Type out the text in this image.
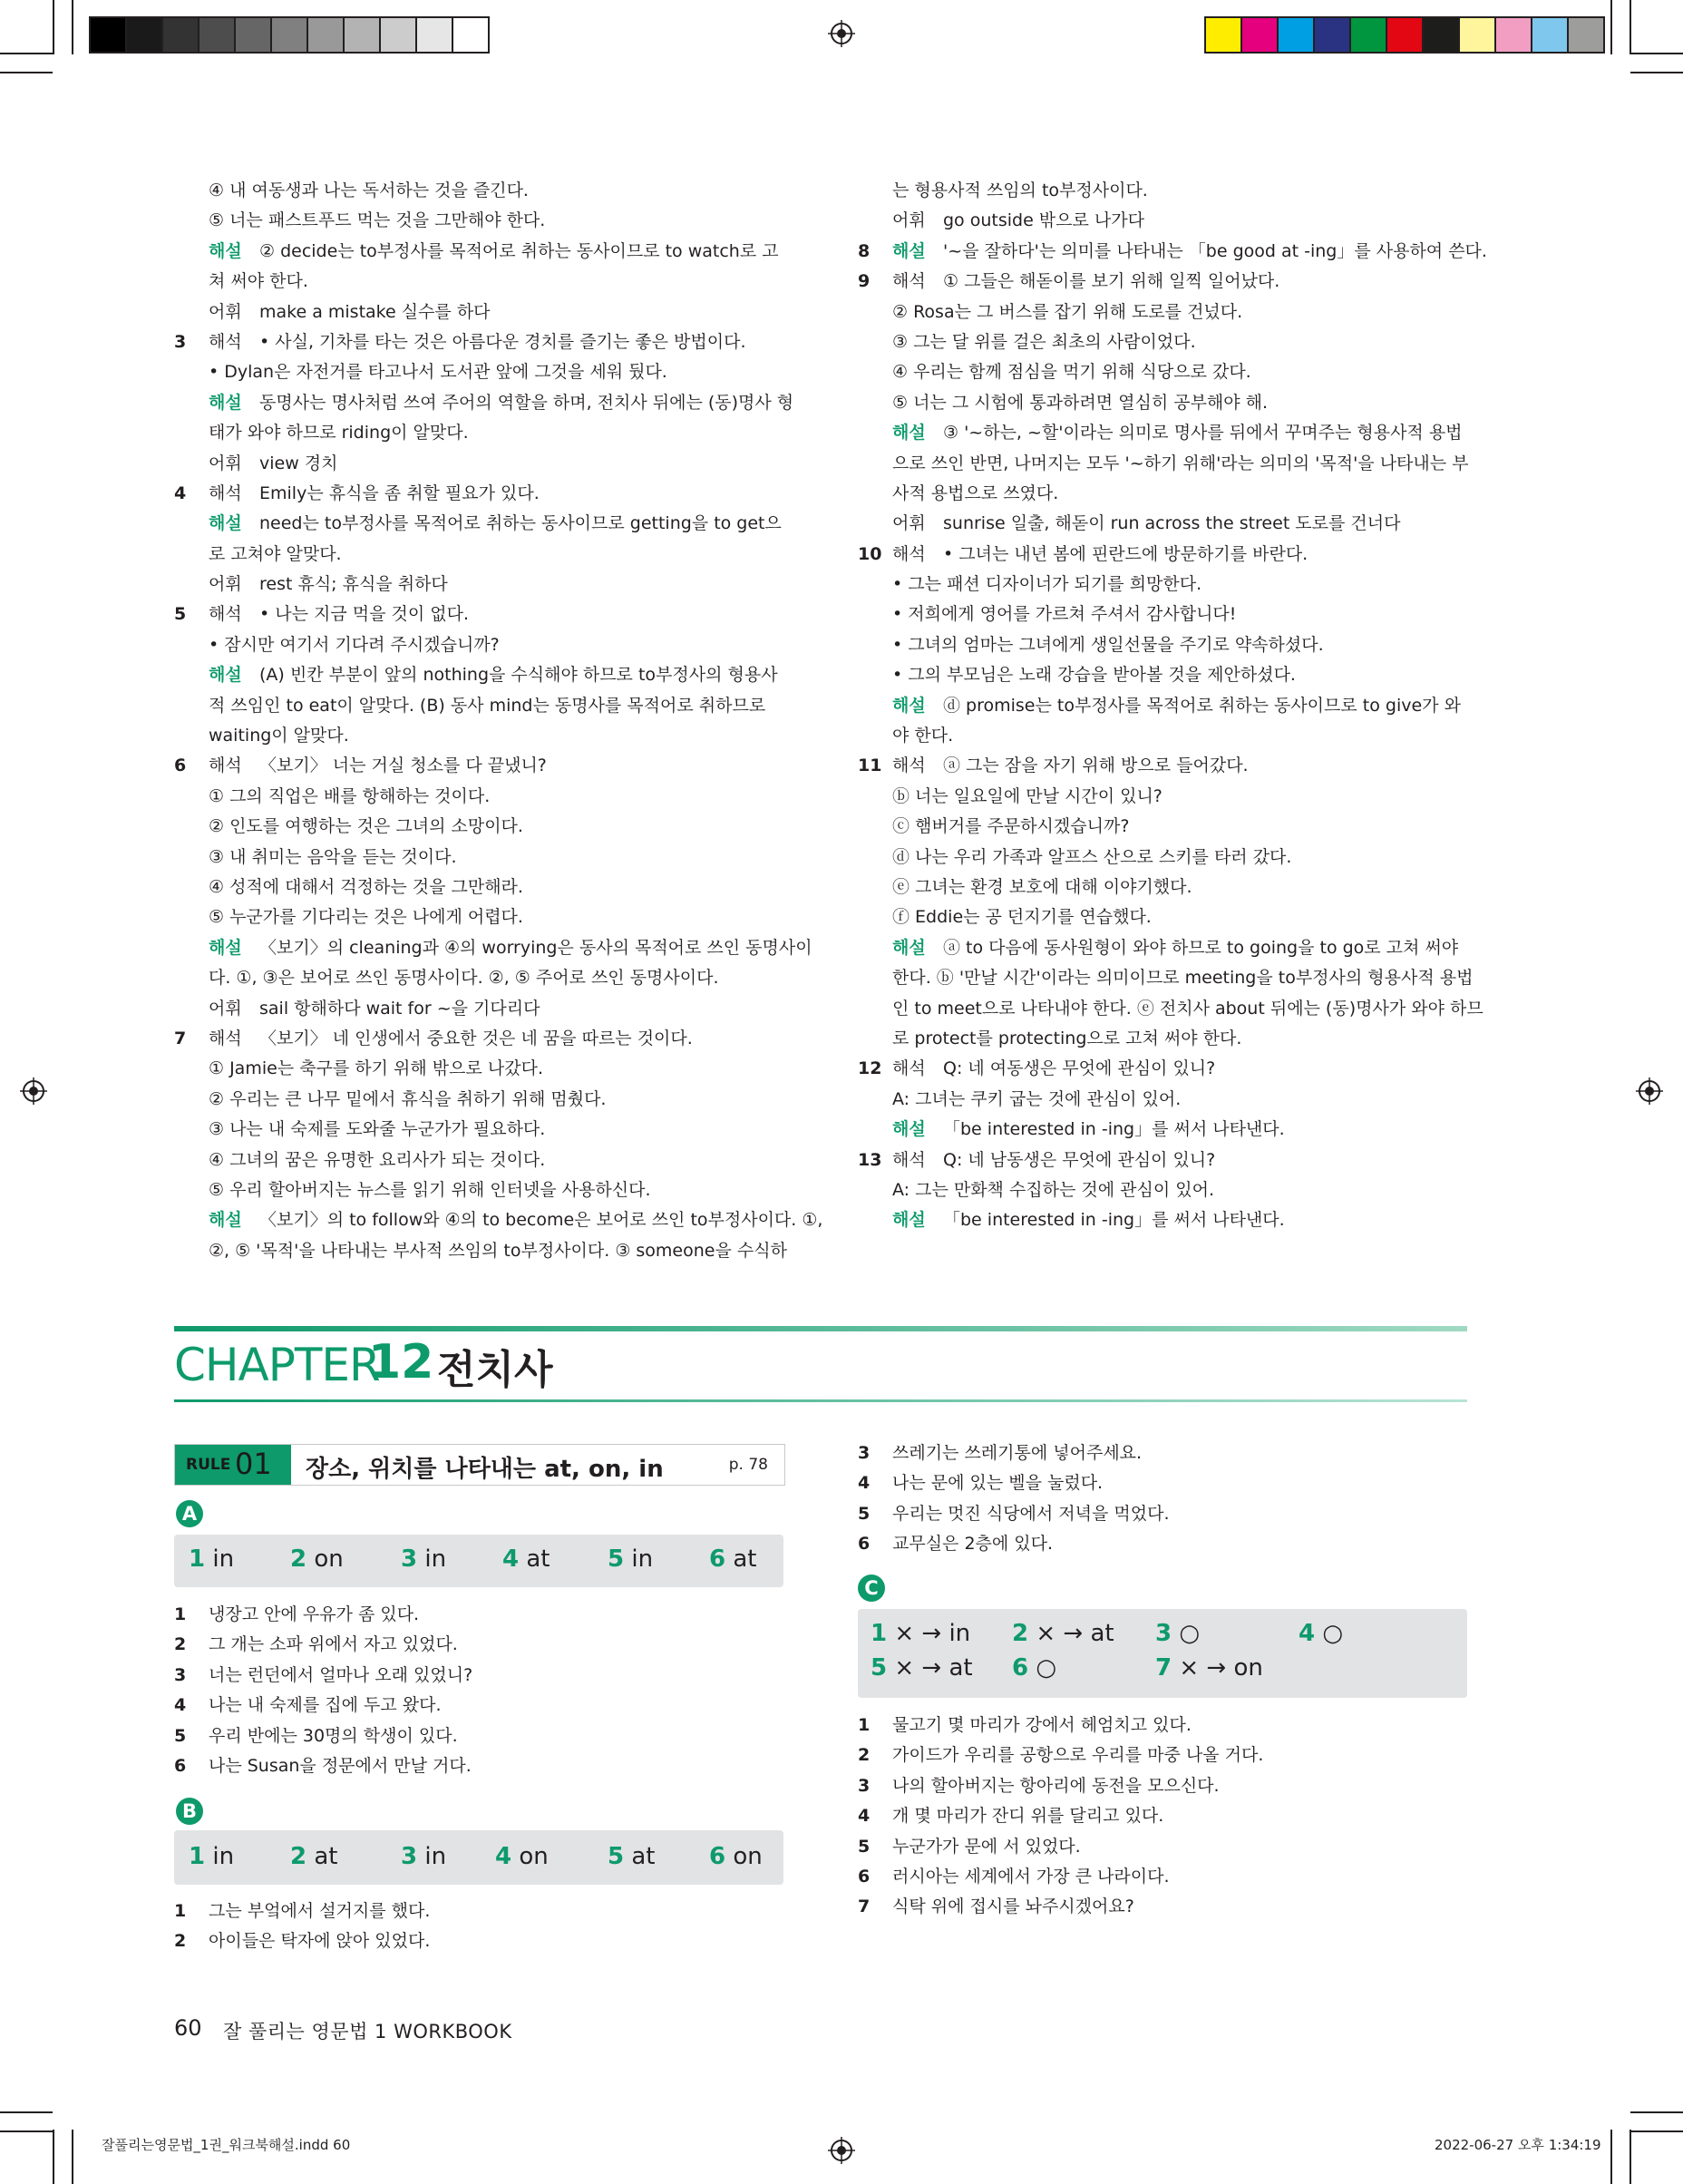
④ 내 여동생과 나는 독서하는 것을 즐긴다.
⑤ 너는 패스트푸드 먹는 것을 그만해야 한다.
해설 ② decide는 to부정사를 목적어로 취하는 동사이므로 to watch로 고
쳐 써야 한다.
어휘 make a mistake 실수를 하다
3 해석 • 사실, 기차를 타는 것은 아름다운 경치를 즐기는 좋은 방법이다.
• Dylan은 자전거를 타고나서 도서관 앞에 그것을 세워 뒀다.
해설 동명사는 명사처럼 쓰여 주어의 역할을 하며, 전치사 뒤에는 (동)명사 형
태가 와야 하므로 riding이 알맞다.
어휘 view 경치
4 해석 Emily는 휴식을 좀 취할 필요가 있다.
해설 need는 to부정사를 목적어로 취하는 동사이므로 getting을 to get으
로 고쳐야 알맞다.
어휘 rest 휴식; 휴식을 취하다
5 해석 • 나는 지금 먹을 것이 없다.
• 잠시만 여기서 기다려 주시겠습니까?
해설 (A) 빈칸 부분이 앞의 nothing을 수식해야 하므로 to부정사의 형용사
적 쓰임인 to eat이 알맞다. (B) 동사 mind는 동명사를 목적어로 취하므로
waiting이 알맞다.
6 해석 〈보기〉 너는 거실 청소를 다 끝냈니?
① 그의 직업은 배를 항해하는 것이다.
② 인도를 여행하는 것은 그녀의 소망이다.
③ 내 취미는 음악을 듣는 것이다.
④ 성적에 대해서 걱정하는 것을 그만해라.
⑤ 누군가를 기다리는 것은 나에게 어렵다.
해설 〈보기〉의 cleaning과 ④의 worrying은 동사의 목적어로 쓰인 동명사이
다. ①, ③은 보어로 쓰인 동명사이다. ②, ⑤ 주어로 쓰인 동명사이다.
어휘 sail 항해하다 wait for ~을 기다리다
7 해석 〈보기〉 네 인생에서 중요한 것은 네 꿈을 따르는 것이다.
① Jamie는 축구를 하기 위해 밖으로 나갔다.
② 우리는 큰 나무 밑에서 휴식을 취하기 위해 멈췄다.
③ 나는 내 숙제를 도와줄 누군가가 필요하다.
④ 그녀의 꿈은 유명한 요리사가 되는 것이다.
⑤ 우리 할아버지는 뉴스를 읽기 위해 인터넷을 사용하신다.
해설 〈보기〉의 to follow와 ④의 to become은 보어로 쓰인 to부정사이다. ①,
②, ⑤ '목적'을 나타내는 부사적 쓰임의 to부정사이다. ③ someone을 수식하
는 형용사적 쓰임의 to부정사이다.
어휘 go outside 밖으로 나가다
8 해설 '~을 잘하다'는 의미를 나타내는 「be good at -ing」를 사용하여 쓴다.
9 해석 ① 그들은 해돋이를 보기 위해 일찍 일어났다.
② Rosa는 그 버스를 잡기 위해 도로를 건넜다.
③ 그는 달 위를 걸은 최초의 사람이었다.
④ 우리는 함께 점심을 먹기 위해 식당으로 갔다.
⑤ 너는 그 시험에 통과하려면 열심히 공부해야 해.
해설 ③ '~하는, ~할'이라는 의미로 명사를 뒤에서 꾸며주는 형용사적 용법
으로 쓰인 반면, 나머지는 모두 '~하기 위해'라는 의미의 '목적'을 나타내는 부
사적 용법으로 쓰였다.
어휘 sunrise 일출, 해돋이 run across the street 도로를 건너다
10 해석 • 그녀는 내년 봄에 핀란드에 방문하기를 바란다.
• 그는 패션 디자이너가 되기를 희망한다.
• 저희에게 영어를 가르쳐 주셔서 감사합니다!
• 그녀의 엄마는 그녀에게 생일선물을 주기로 약속하셨다.
• 그의 부모님은 노래 강습을 받아볼 것을 제안하셨다.
해설 ⓓ promise는 to부정사를 목적어로 취하는 동사이므로 to give가 와
야 한다.
11 해석 ⓐ 그는 잠을 자기 위해 방으로 들어갔다.
ⓑ 너는 일요일에 만날 시간이 있니?
ⓒ 햄버거를 주문하시겠습니까?
ⓓ 나는 우리 가족과 알프스 산으로 스키를 타러 갔다.
ⓔ 그녀는 환경 보호에 대해 이야기했다.
ⓕ Eddie는 공 던지기를 연습했다.
해설 ⓐ to 다음에 동사원형이 와야 하므로 to going을 to go로 고쳐 써야
한다. ⓑ '만날 시간'이라는 의미이므로 meeting을 to부정사의 형용사적 용법
인 to meet으로 나타내야 한다. ⓔ 전치사 about 뒤에는 (동)명사가 와야 하므
로 protect를 protecting으로 고쳐 써야 한다.
12 해석 Q: 네 여동생은 무엇에 관심이 있니?
A: 그녀는 쿠키 굽는 것에 관심이 있어.
해설 「be interested in -ing」를 써서 나타낸다.
13 해석 Q: 네 남동생은 무엇에 관심이 있니?
A: 그는 만화책 수집하는 것에 관심이 있어.
해설 「be interested in -ing」를 써서 나타낸다.
CHAPTER
12 전치사
RULE 01 장소, 위치를 나타내는 at, on, in	p. 78
A
1 in 2 on 3 in 4 at 5 in 6 at
1 냉장고 안에 우유가 좀 있다.
2 그 개는 소파 위에서 자고 있었다.
3 너는 런던에서 얼마나 오래 있었니?
4 나는 내 숙제를 집에 두고 왔다.
5 우리 반에는 30명의 학생이 있다.
6 나는 Susan을 정문에서 만날 거다.
B
1 in 2 at	3 in 4 on	5 at 6 on
1 그는 부엌에서 설거지를 했다.
2 아이들은 탁자에 앉아 있었다.
3 쓰레기는 쓰레기통에 넣어주세요.
4 나는 문에 있는 벨을 눌렀다.
5 우리는 멋진 식당에서 저녁을 먹었다.
6 교무실은 2층에 있다.
C
1 × → in 2 × → at 3 ○	4 ○
5 × → at 6 ○	7 × → on
1 물고기 몇 마리가 강에서 헤엄치고 있다.
2 가이드가 우리를 공항으로 우리를 마중 나올 거다.
3 나의 할아버지는 항아리에 동전을 모으신다.
4 개 몇 마리가 잔디 위를 달리고 있다.
5 누군가가 문에 서 있었다.
6 러시아는 세계에서 가장 큰 나라이다.
7 식탁 위에 접시를 놔주시겠어요?
60 잘 풀리는 영문법 1 WORKBOOK
잘풀리는영문법_1권_워크북해설.indd 60	2022-06-27 오후 1:34:19
